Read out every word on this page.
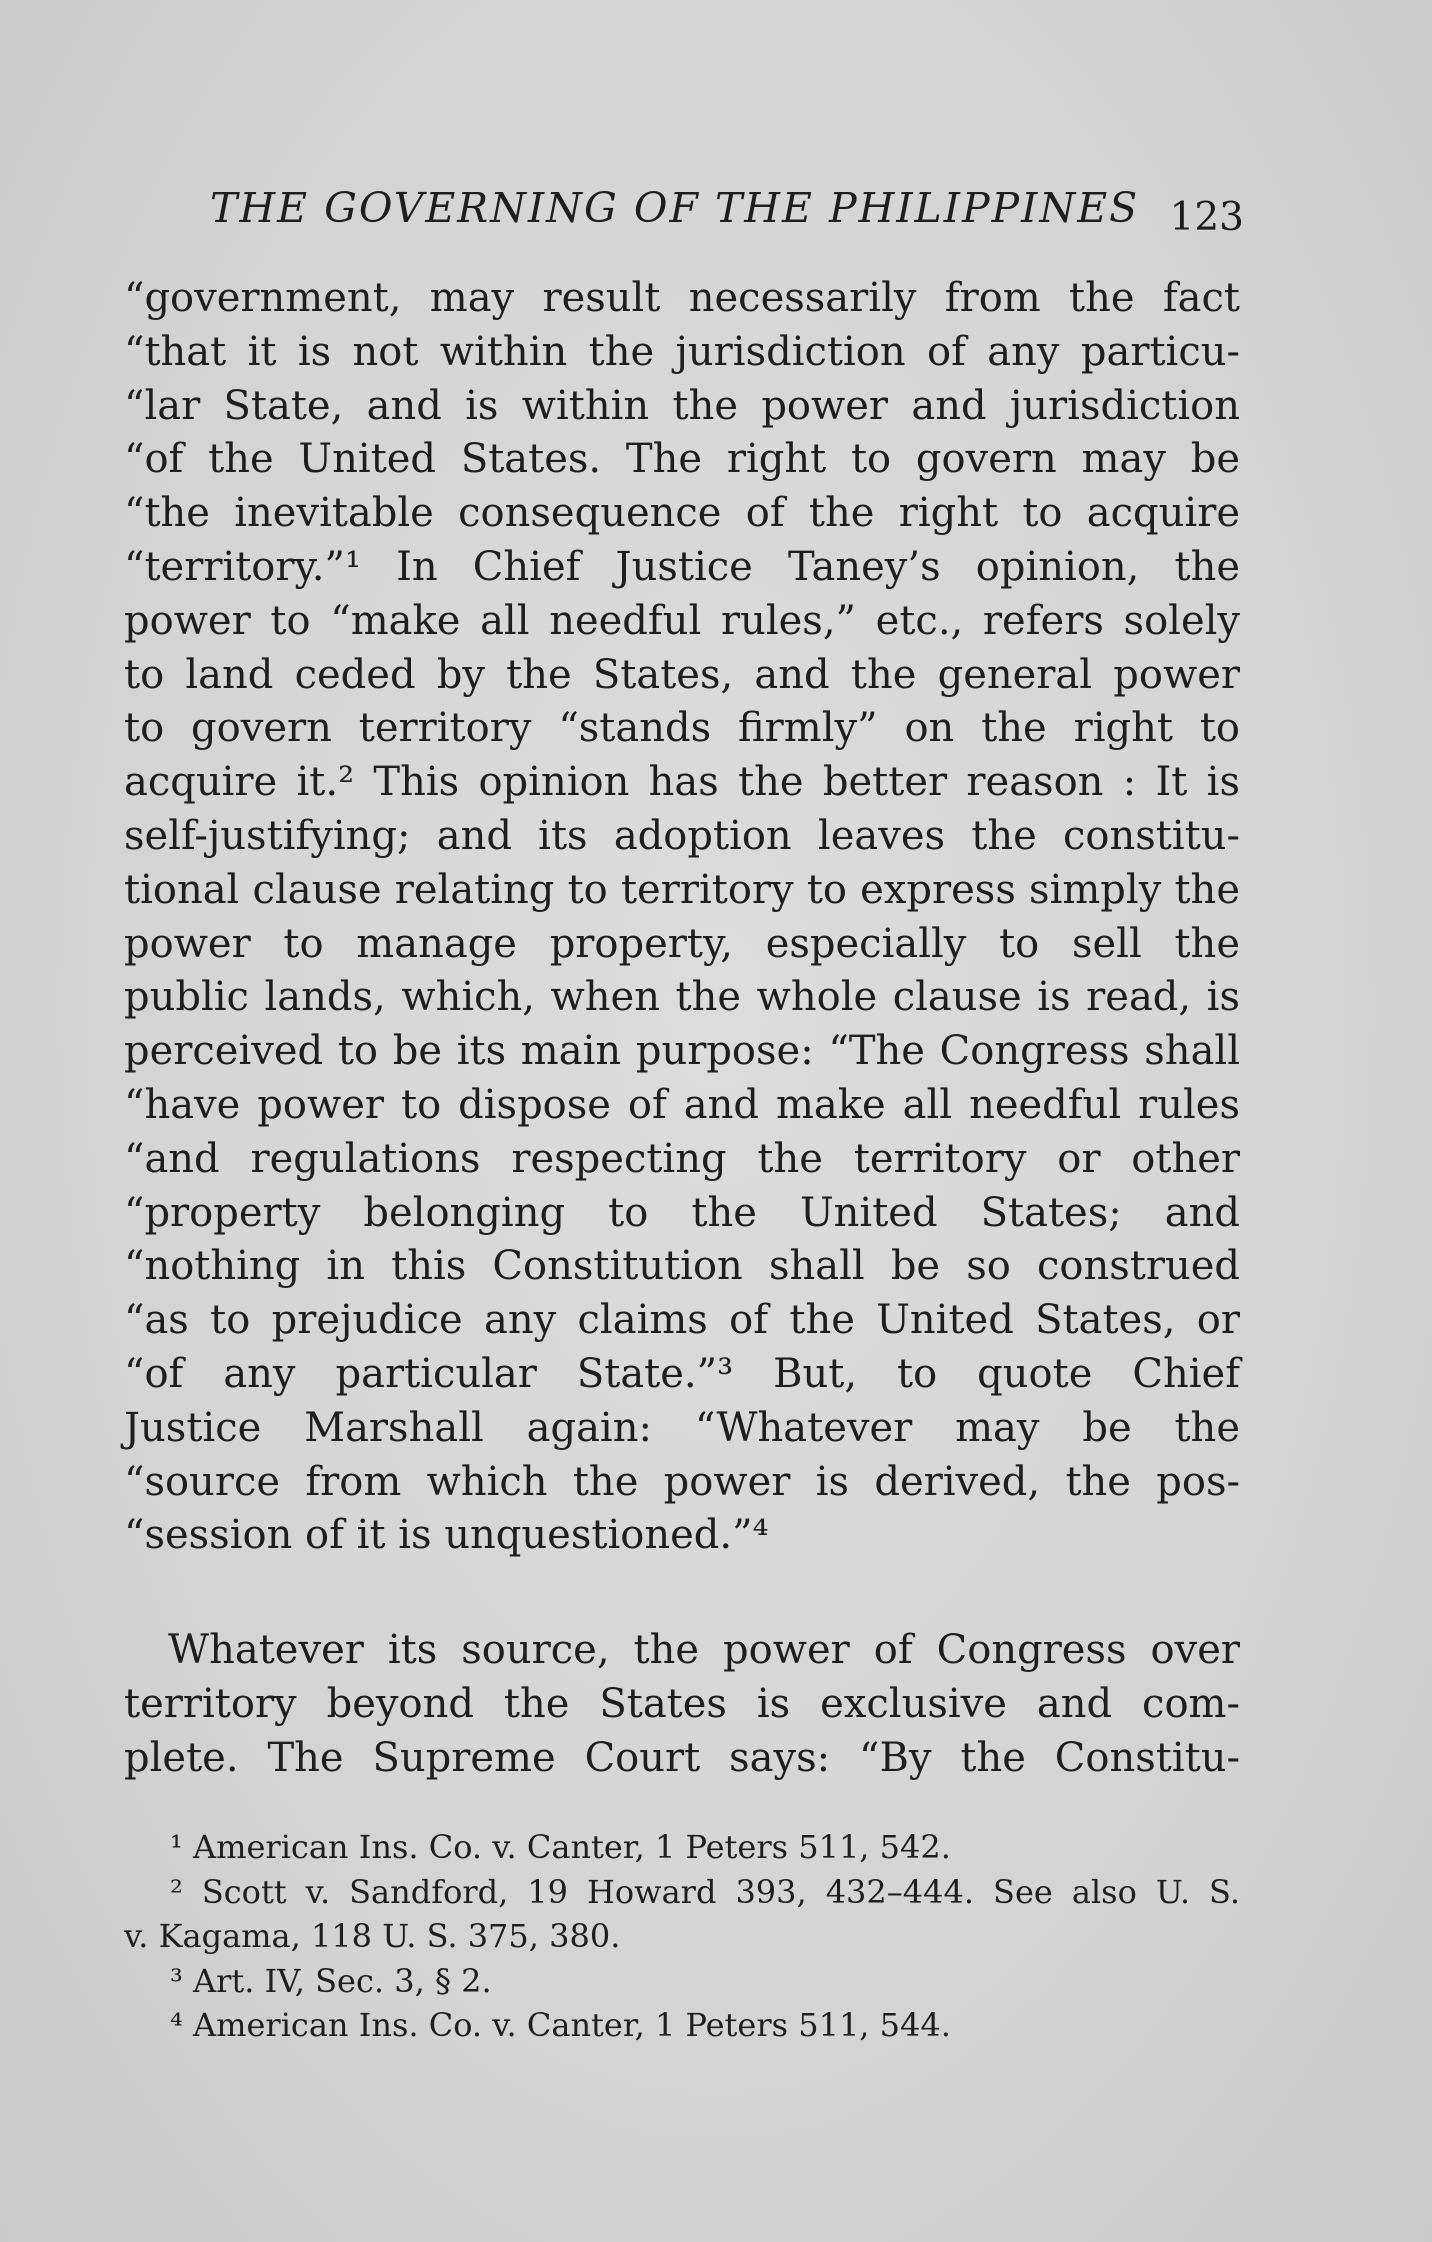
THE GOVERNING OF THE PHILIPPINES 123
“government, may result necessarily from the fact
“that it is not within the jurisdiction of any particu-
“lar State, and is within the power and jurisdiction
“of the United States. The right to govern may be
“the inevitable consequence of the right to acquire
“territory.”¹ In Chief Justice Taney’s opinion, the
power to “make all needful rules,” etc., refers solely
to land ceded by the States, and the general power
to govern territory “stands firmly” on the right to
acquire it.² This opinion has the better reason : It is
self-justifying; and its adoption leaves the constitu-
tional clause relating to territory to express simply the
power to manage property, especially to sell the
public lands, which, when the whole clause is read, is
perceived to be its main purpose: “The Congress shall
“have power to dispose of and make all needful rules
“and regulations respecting the territory or other
“property belonging to the United States; and
“nothing in this Constitution shall be so construed
“as to prejudice any claims of the United States, or
“of any particular State.”³ But, to quote Chief
Justice Marshall again: “Whatever may be the
“source from which the power is derived, the pos-
“session of it is unquestioned.”⁴
Whatever its source, the power of Congress over
territory beyond the States is exclusive and com-
plete. The Supreme Court says: “By the Constitu-
¹ American Ins. Co. v. Canter, 1 Peters 511, 542.
² Scott v. Sandford, 19 Howard 393, 432–444. See also U. S.
v. Kagama, 118 U. S. 375, 380.
³ Art. IV, Sec. 3, § 2.
⁴ American Ins. Co. v. Canter, 1 Peters 511, 544.
